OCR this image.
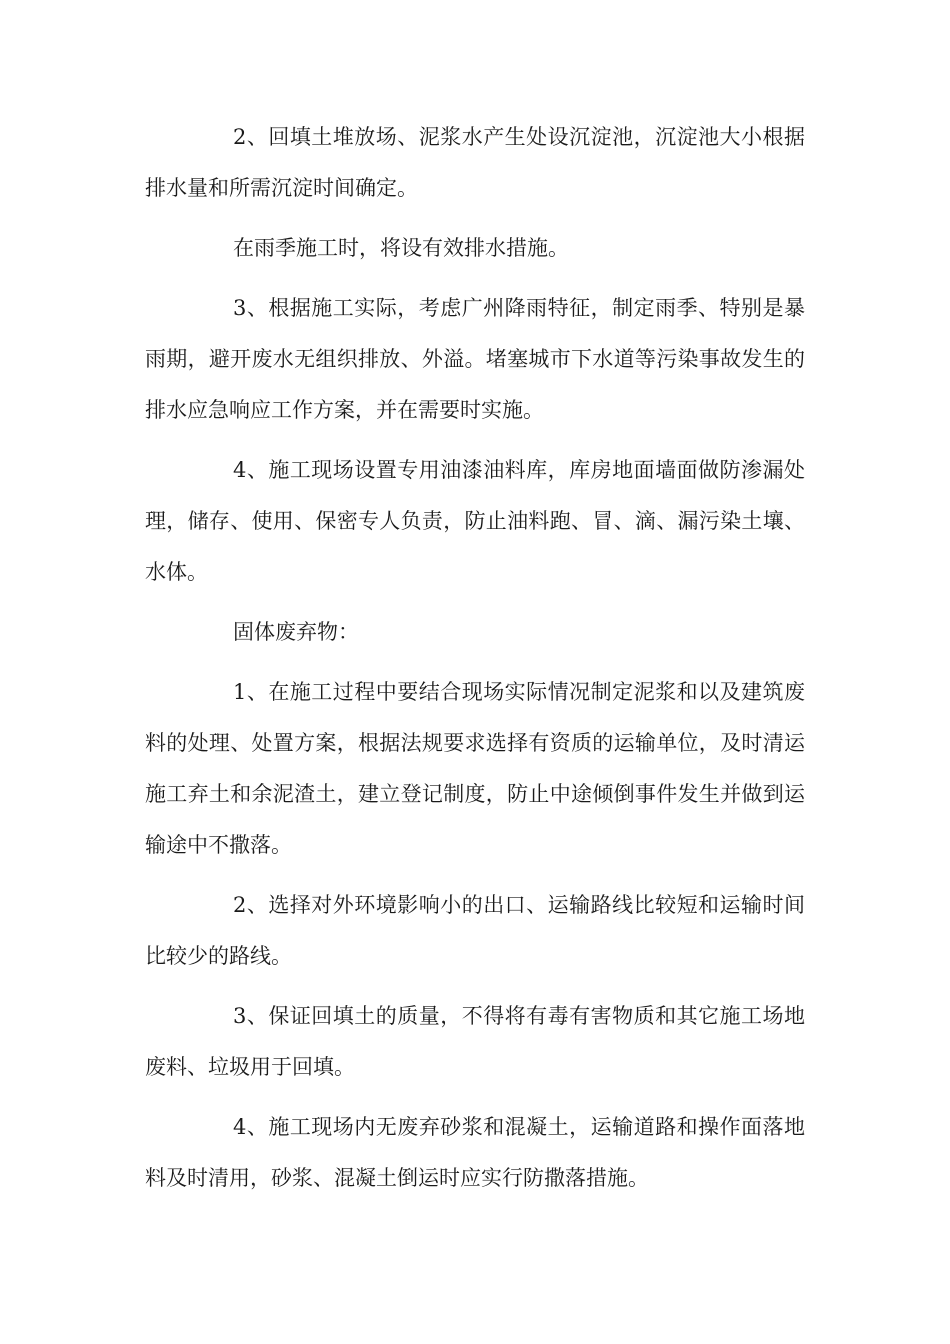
2、回填土堆放场、泥浆水产生处设沉淀池，沉淀池大小根据排水量和所需沉淀时间确定。

在雨季施工时，将设有效排水措施。

3、根据施工实际，考虑广州降雨特征，制定雨季、特别是暴雨期，避开废水无组织排放、外溢。堵塞城市下水道等污染事故发生的排水应急响应工作方案，并在需要时实施。

4、施工现场设置专用油漆油料库，库房地面墙面做防渗漏处理，储存、使用、保密专人负责，防止油料跑、冒、滴、漏污染土壤、水体。

固体废弃物：

1、在施工过程中要结合现场实际情况制定泥浆和以及建筑废料的处理、处置方案，根据法规要求选择有资质的运输单位，及时清运施工弃土和余泥渣土，建立登记制度，防止中途倾倒事件发生并做到运输途中不撒落。

2、选择对外环境影响小的出口、运输路线比较短和运输时间比较少的路线。

3、保证回填土的质量，不得将有毒有害物质和其它施工场地废料、垃圾用于回填。

4、施工现场内无废弃砂浆和混凝土，运输道路和操作面落地料及时清用，砂浆、混凝土倒运时应实行防撒落措施。
